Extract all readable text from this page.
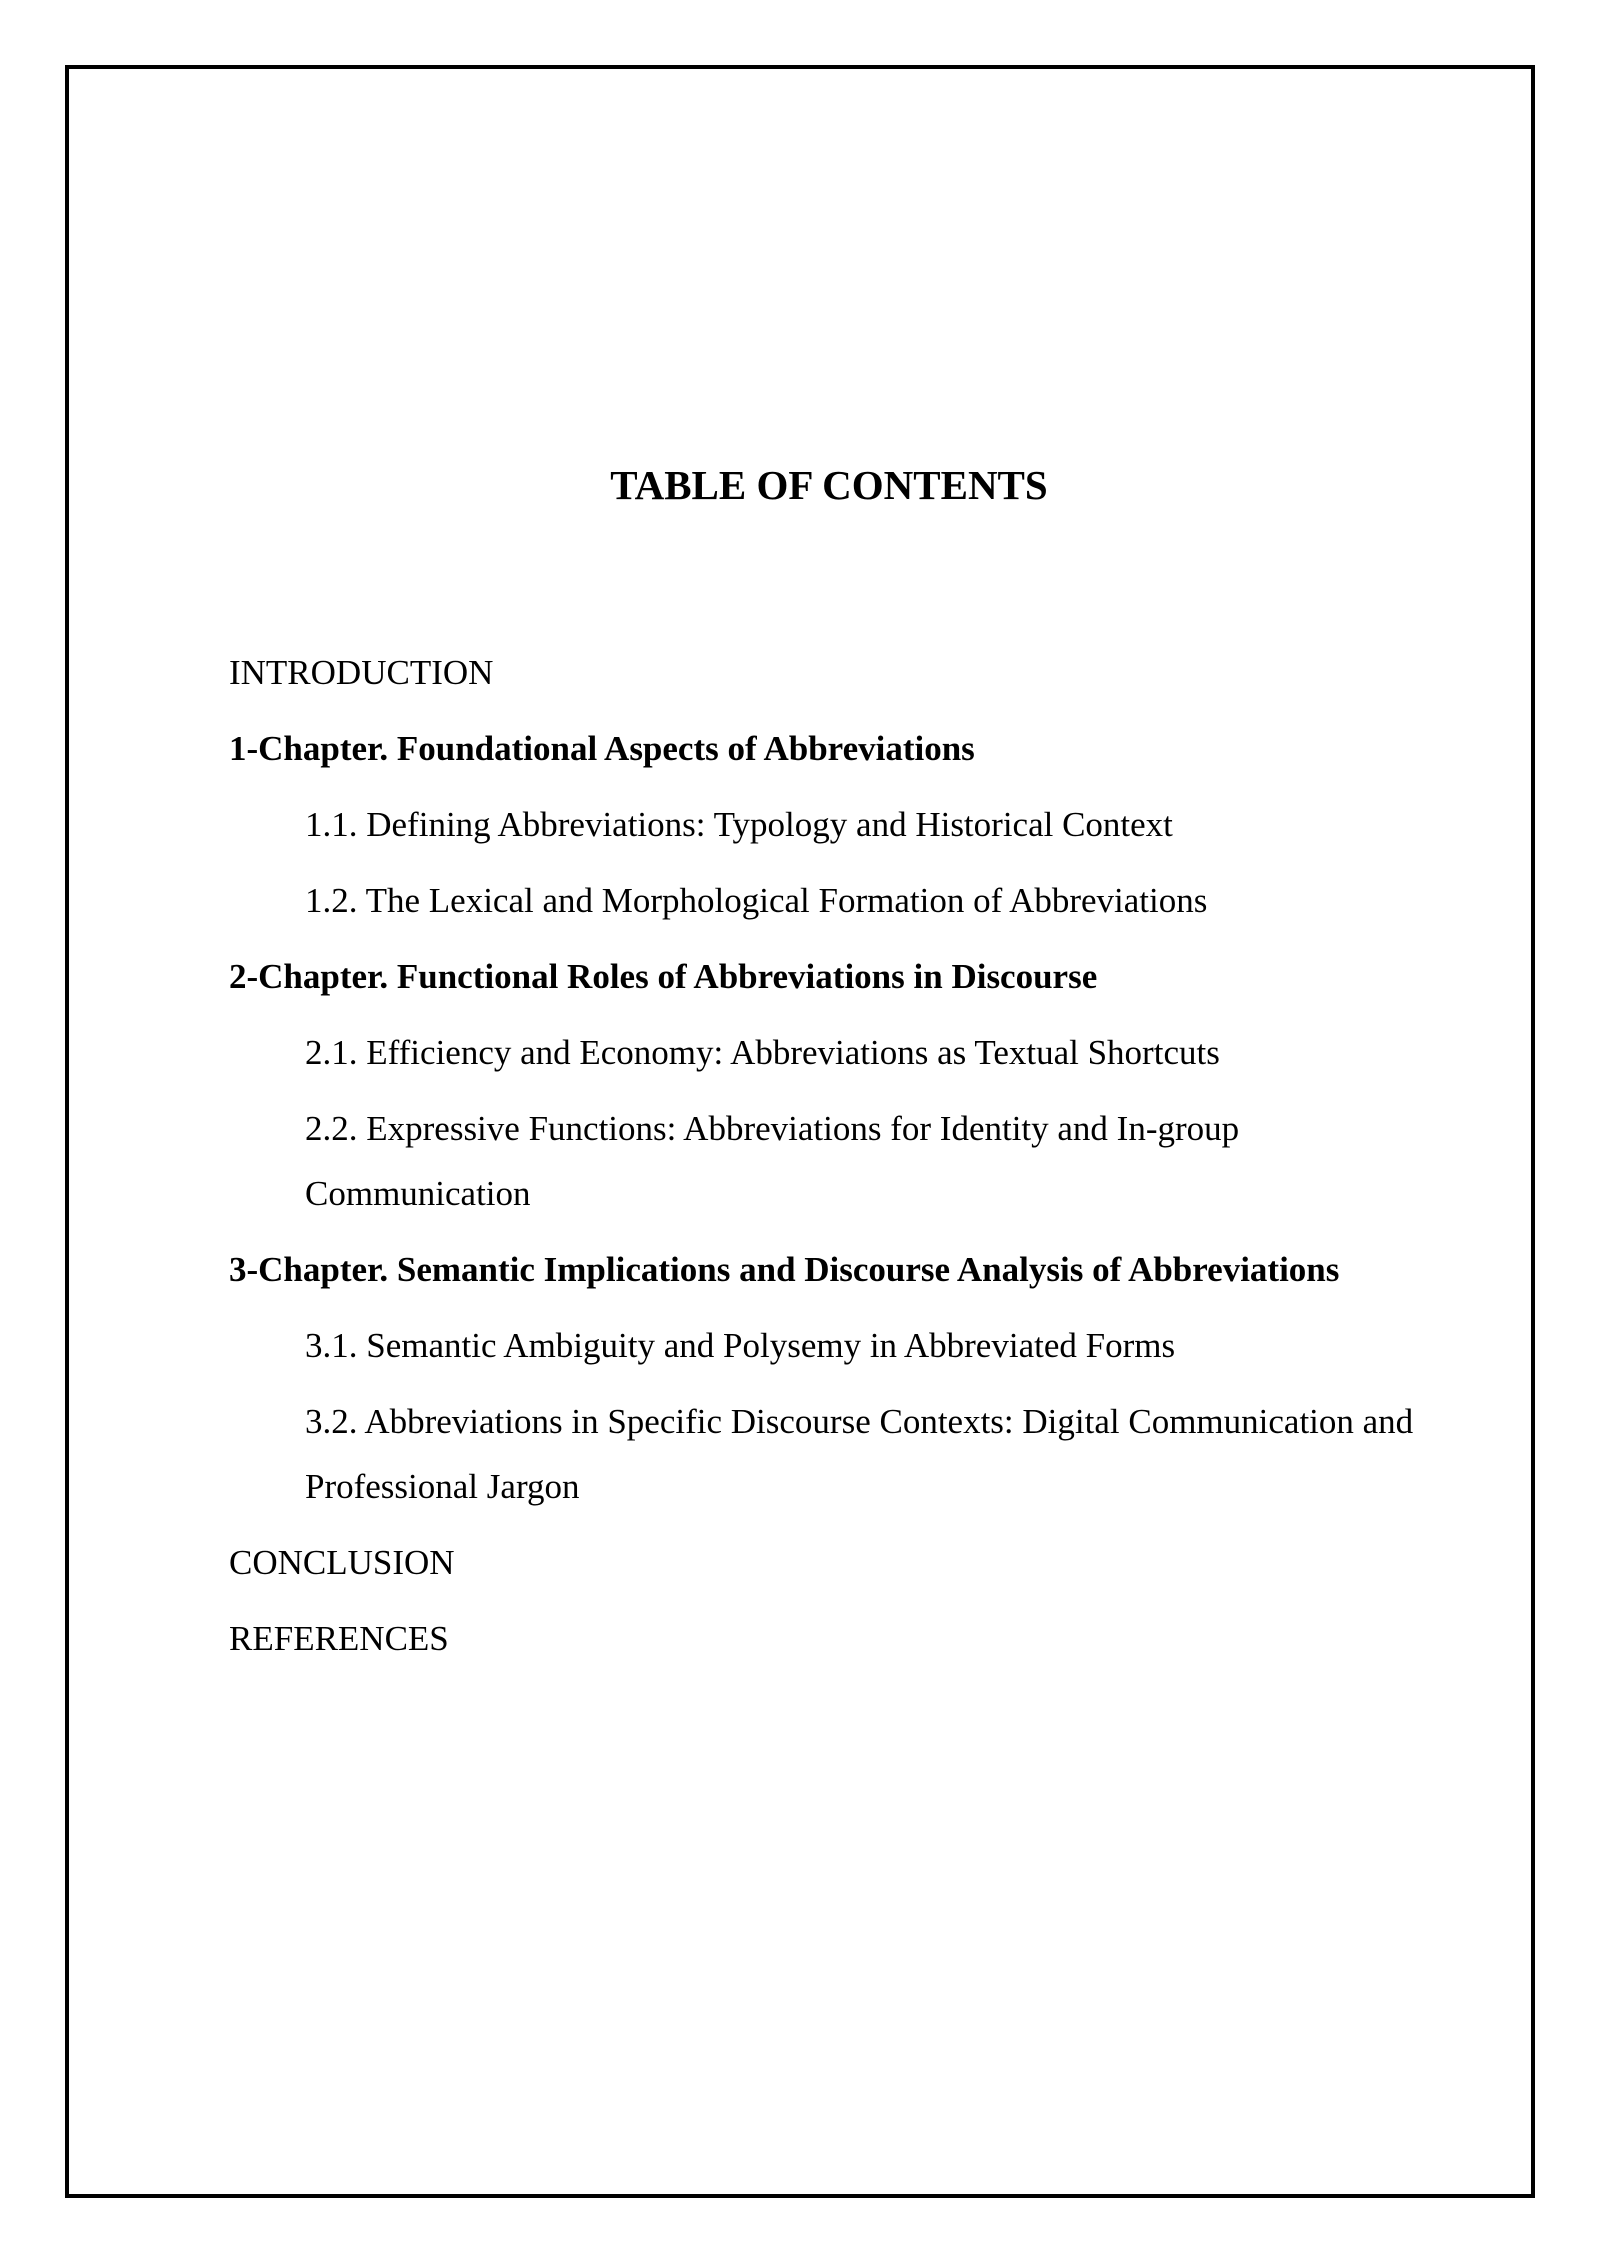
TABLE OF CONTENTS
INTRODUCTION
1-Chapter. Foundational Aspects of Abbreviations
1.1. Defining Abbreviations: Typology and Historical Context
1.2. The Lexical and Morphological Formation of Abbreviations
2-Chapter. Functional Roles of Abbreviations in Discourse
2.1. Efficiency and Economy: Abbreviations as Textual Shortcuts
2.2. Expressive Functions: Abbreviations for Identity and In-group Communication
3-Chapter. Semantic Implications and Discourse Analysis of Abbreviations
3.1. Semantic Ambiguity and Polysemy in Abbreviated Forms
3.2. Abbreviations in Specific Discourse Contexts: Digital Communication and Professional Jargon
CONCLUSION
REFERENCES
